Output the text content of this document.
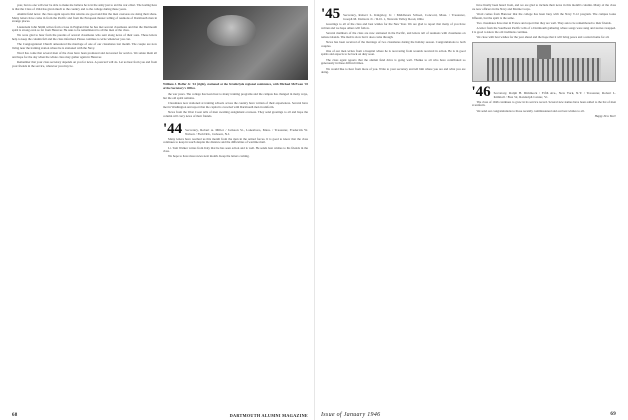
year, but no one will ever be able to make me believe he is in the army just to aid the war effort. The feeling here is that the Class of 1944 has given much to the country and to the college during these years.

Alumni fund news: the class agent reports that returns are good and that the men overseas are doing their share. Many letters have come in from the Pacific and from the European theater telling of reunions of Dartmouth men in strange places.

Lieutenant John Smith writes from a base in England that he has met several classmates and that the Dartmouth spirit is strong even so far from Hanover. He asks to be remembered to all the men of the class.

We were glad to hear from the parents of several classmates who sent along news of their sons. These letters help to keep the column full and the class informed. Please continue to write whenever you can.

The Congregational Church announced the marriage of one of our classmates last month. The couple are now living near the training station where he is stationed with the Navy.

Word has come that several men of the class have been promoted and decorated for service. We salute them all and hope for the day when the whole class may gather again in Hanover.

Remember that your class secretary depends on you for news. A postcard will do. Let us hear from you and from your friends in the service, wherever you may be.

William J. Hoffer Jr. '44 (right), stationed at the Strathclyde regional conference, with Michael McEwan '45 of the Secretary's Office.

the war years. The college has been host to many training programs and the campus has changed in many ways, but the old spirit remains.

Classmates now stationed at training schools across the country have written of their experiences. Several have met in Washington and report that the capital is crowded with Dartmouth men in uniform.

News from the West Coast tells of men awaiting assignment overseas. They send greetings to all and hope the column will carry news of their friends.

'44 Secretary, Robert A. Miller / Jackson St., Lanesboro, Mass. / Treasurer, Frederick W. Nelson / Field Rd., Jackson, N.J.

Many letters have reached us this month from the men in the armed forces. It is good to know that the class continues to keep in touch despite the distance and the difficulties of wartime mail.

Lt. Tom Walker writes from Italy that he has seen action and is well. He sends best wishes to his friends in the class.

We hope to have more news next month. Keep the letters coming.

68	DARTMOUTH ALUMNI MAGAZINE
'45 Secretary, Robert L. Kingsley, Jr. / Middlesex School, Concord, Mass. / Treasurer, Joseph M. Danvers Jr. / R.D. 1, Newark Valley Road, Ohio

Greetings to all of the class and best wishes for the New Year. We are glad to report that many of you have written and we hope others will follow.

Several members of the class are now stationed in the Pacific, and letters tell of reunions with classmates on remote islands. The mail is slow but it does come through.

News has been received of the marriage of two classmates during the holiday season. Congratulations to both couples.

One of our men writes from a hospital where he is recovering from wounds received in action. He is in good spirits and expects to be back on duty soon.

The class agent reports that the alumni fund drive is going well. Thanks to all who have contributed so generously in these difficult times.

We would like to hear from more of you. Write to your secretary and tell him where you are and what you are doing.

have finally been heard from, and we are glad to include their news in this month's column. Many of the class are now officers in the Navy and Marine Corps.

Word comes from Hanover that the college has been busy with the Navy V-12 program. The campus looks different, but the spirit is the same.

Two classmates have met in France and report that they are well. They ask to be remembered to their friends.

A letter from the Southwest Pacific tells of a Dartmouth gathering where songs were sung and stories swapped. It is good to know the old traditions continue.

We close with best wishes for the year ahead and the hope that it will bring peace and a return home for all.

'46 Secretary, Ralph H. Dimmock / Fifth Ave., New York, N.Y. / Treasurer, Robert L. Kimball / Box 52, Randolph Center, Vt.

The class of 1946 continues to grow in its service record. Several new names have been added to the list of men in uniform.

We send our congratulations to those recently commissioned and our best wishes to all.

Happy New Year!
Issue of January 1946	69
